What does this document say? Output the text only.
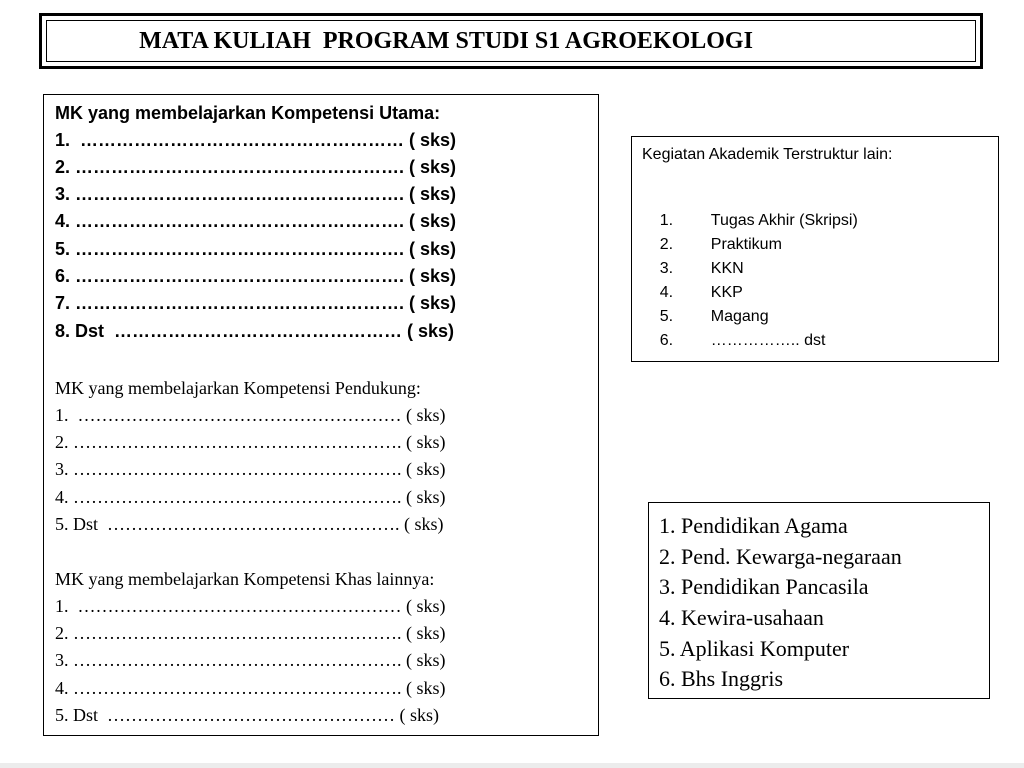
MATA KULIAH  PROGRAM STUDI S1 AGROEKOLOGI
MK yang membelajarkan Kompetensi Utama:
1.  ……………………………………………… ( sks)
2. ………………………………………………. ( sks)
3. ………………………………………………. ( sks)
4. ………………………………………………. ( sks)
5. ………………………………………………. ( sks)
6. ………………………………………………. ( sks)
7. ………………………………………………. ( sks)
8. Dst  ………………………………………… ( sks)
MK yang membelajarkan Kompetensi Pendukung:
1.  ……………………………………………… ( sks)
2. ………………………………………………. ( sks)
3. ………………………………………………. ( sks)
4. ………………………………………………. ( sks)
5. Dst  …………………………………………. ( sks)
MK yang membelajarkan Kompetensi Khas lainnya:
1.  ……………………………………………… ( sks)
2. ………………………………………………. ( sks)
3. ………………………………………………. ( sks)
4. ………………………………………………. ( sks)
5. Dst  ………………………………………… ( sks)
Kegiatan Akademik Terstruktur lain:

1. Tugas Akhir (Skripsi)

2. Praktikum

3. KKN

4. KKP

5. Magang

6. …………….. dst

1. Pendidikan Agama
2. Pend. Kewarga-negaraan
3. Pendidikan Pancasila
4. Kewira-usahaan
5. Aplikasi Komputer
6. Bhs Inggris
